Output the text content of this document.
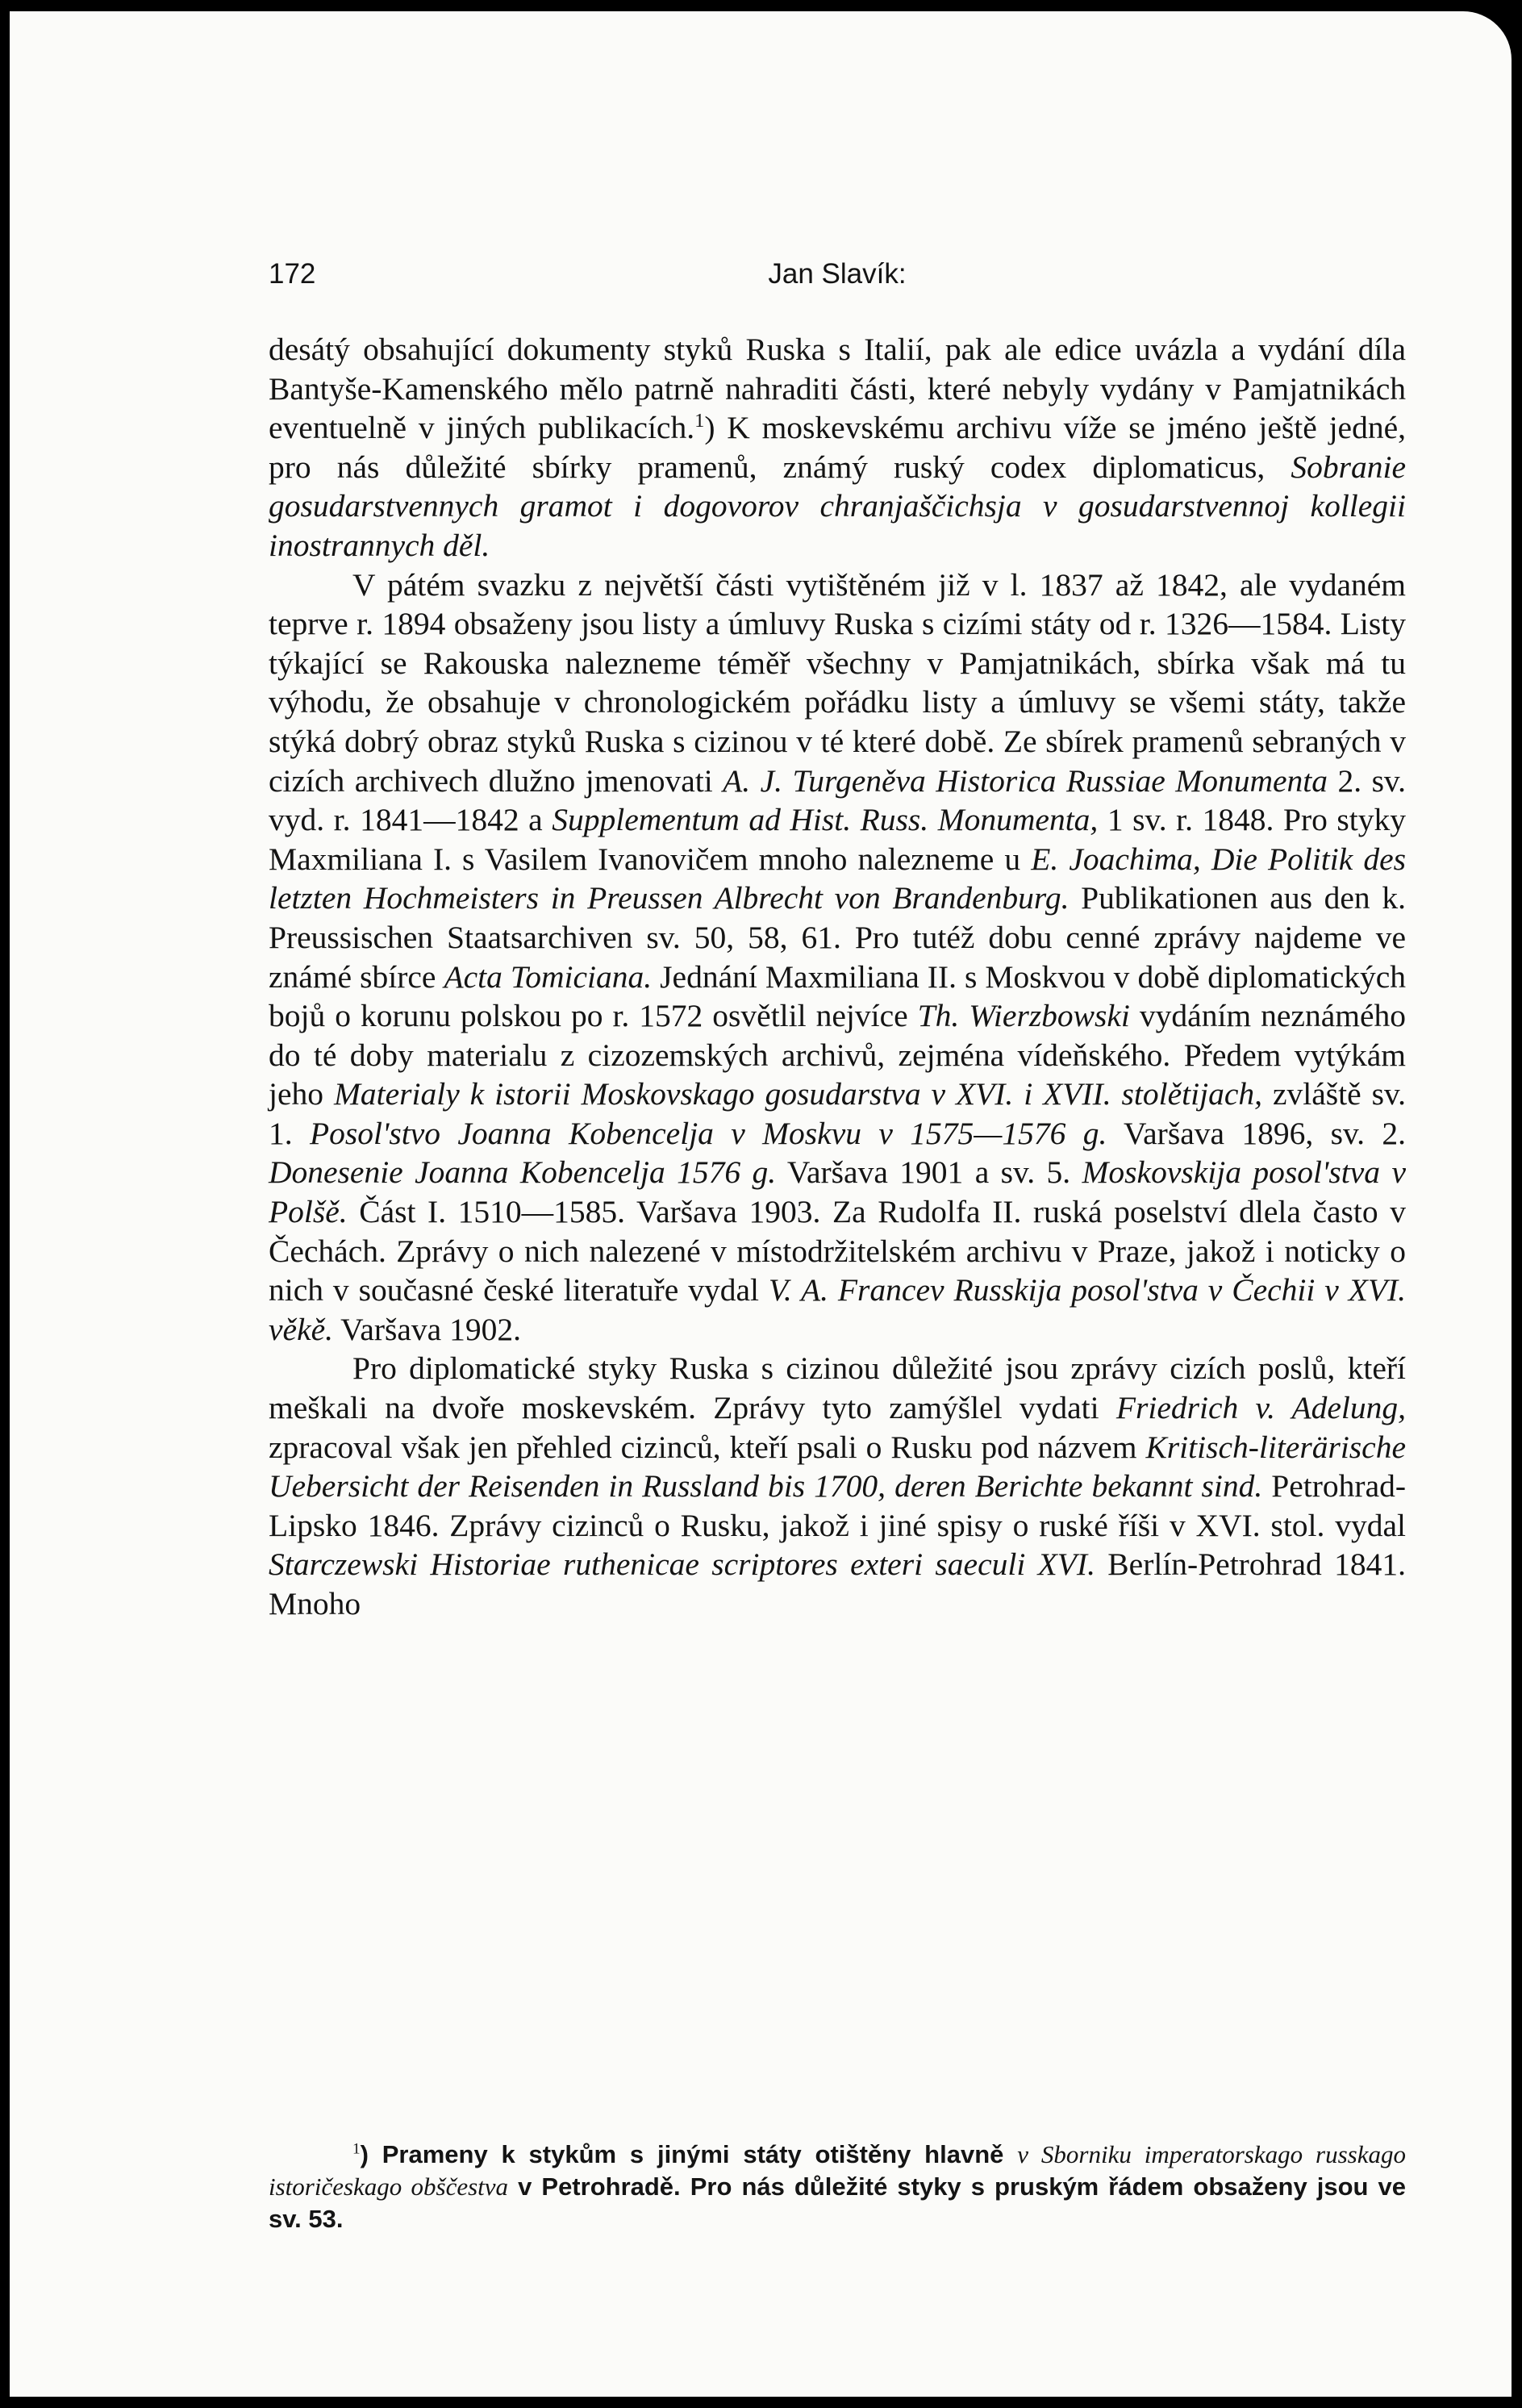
172	Jan Slavík:

desátý obsahující dokumenty styků Ruska s Italií, pak ale edice uvázla a vydání díla Bantyše-Kamenského mělo patrně nahraditi části, které nebyly vydány v Pamjatnikách eventuelně v jiných publikacích.$^1$) K moskevskému archivu víže se jméno ještě jedné, pro nás důležité sbírky pramenů, známý ruský codex diplomaticus, Sobranie gosudarstvennych gramot i dogovorov chranjaščichsja v gosudarstvennoj kollegii inostrannych děl.

V pátém svazku z největší části vytištěném již v l. 1837 až 1842, ale vydaném teprve r. 1894 obsaženy jsou listy a úmluvy Ruska s cizími státy od r. 1326—1584. Listy týkající se Rakouska nalezneme téměř všechny v Pamjatnikách, sbírka však má tu výhodu, že obsahuje v chronologickém pořádku listy a úmluvy se všemi státy, takže stýká dobrý obraz styků Ruska s cizinou v té které době. Ze sbírek pramenů sebraných v cizích archivech dlužno jmenovati A. J. Turgeněva Historica Russiae Monumenta 2. sv. vyd. r. 1841—1842 a Supplementum ad Hist. Russ. Monumenta, 1 sv. r. 1848. Pro styky Maxmiliana I. s Vasilem Ivanovičem mnoho nalezneme u E. Joachima, Die Politik des letzten Hochmeisters in Preussen Albrecht von Brandenburg. Publikationen aus den k. Preussischen Staatsarchiven sv. 50, 58, 61. Pro tutéž dobu cenné zprávy najdeme ve známé sbírce Acta Tomiciana. Jednání Maxmiliana II. s Moskvou v době diplomatických bojů o korunu polskou po r. 1572 osvětlil nejvíce Th. Wierzbowski vydáním neznámého do té doby materialu z cizozemských archivů, zejména vídeňského. Předem vytýkám jeho Materialy k istorii Moskovskago gosudarstva v XVI. i XVII. stolětijach, zvláště sv. 1. Posol'stvo Joanna Kobencelja v Moskvu v 1575—1576 g. Varšava 1896, sv. 2. Donesenie Joanna Kobencelja 1576 g. Varšava 1901 a sv. 5. Moskovskija posol'stva v Polšě. Část I. 1510—1585. Varšava 1903. Za Rudolfa II. ruská poselství dlela často v Čechách. Zprávy o nich nalezené v místodržitelském archivu v Praze, jakož i noticky o nich v současné české literatuře vydal V. A. Francev Russkija posol'stva v Čechii v XVI. věkě. Varšava 1902.

Pro diplomatické styky Ruska s cizinou důležité jsou zprávy cizích poslů, kteří meškali na dvoře moskevském. Zprávy tyto zamýšlel vydati Friedrich v. Adelung, zpracoval však jen přehled cizinců, kteří psali o Rusku pod názvem Kritisch-literärische Uebersicht der Reisenden in Russland bis 1700, deren Berichte bekannt sind. Petrohrad-Lipsko 1846. Zprávy cizinců o Rusku, jakož i jiné spisy o ruské říši v XVI. stol. vydal Starczewski Historiae ruthenicae scriptores exteri saeculi XVI. Berlín-Petrohrad 1841. Mnoho

$^1$) Prameny k stykům s jinými státy otištěny hlavně v Sborniku imperatorskago russkago istoričeskago obščestva v Petrohradě. Pro nás důležité styky s pruským řádem obsaženy jsou ve sv. 53.
